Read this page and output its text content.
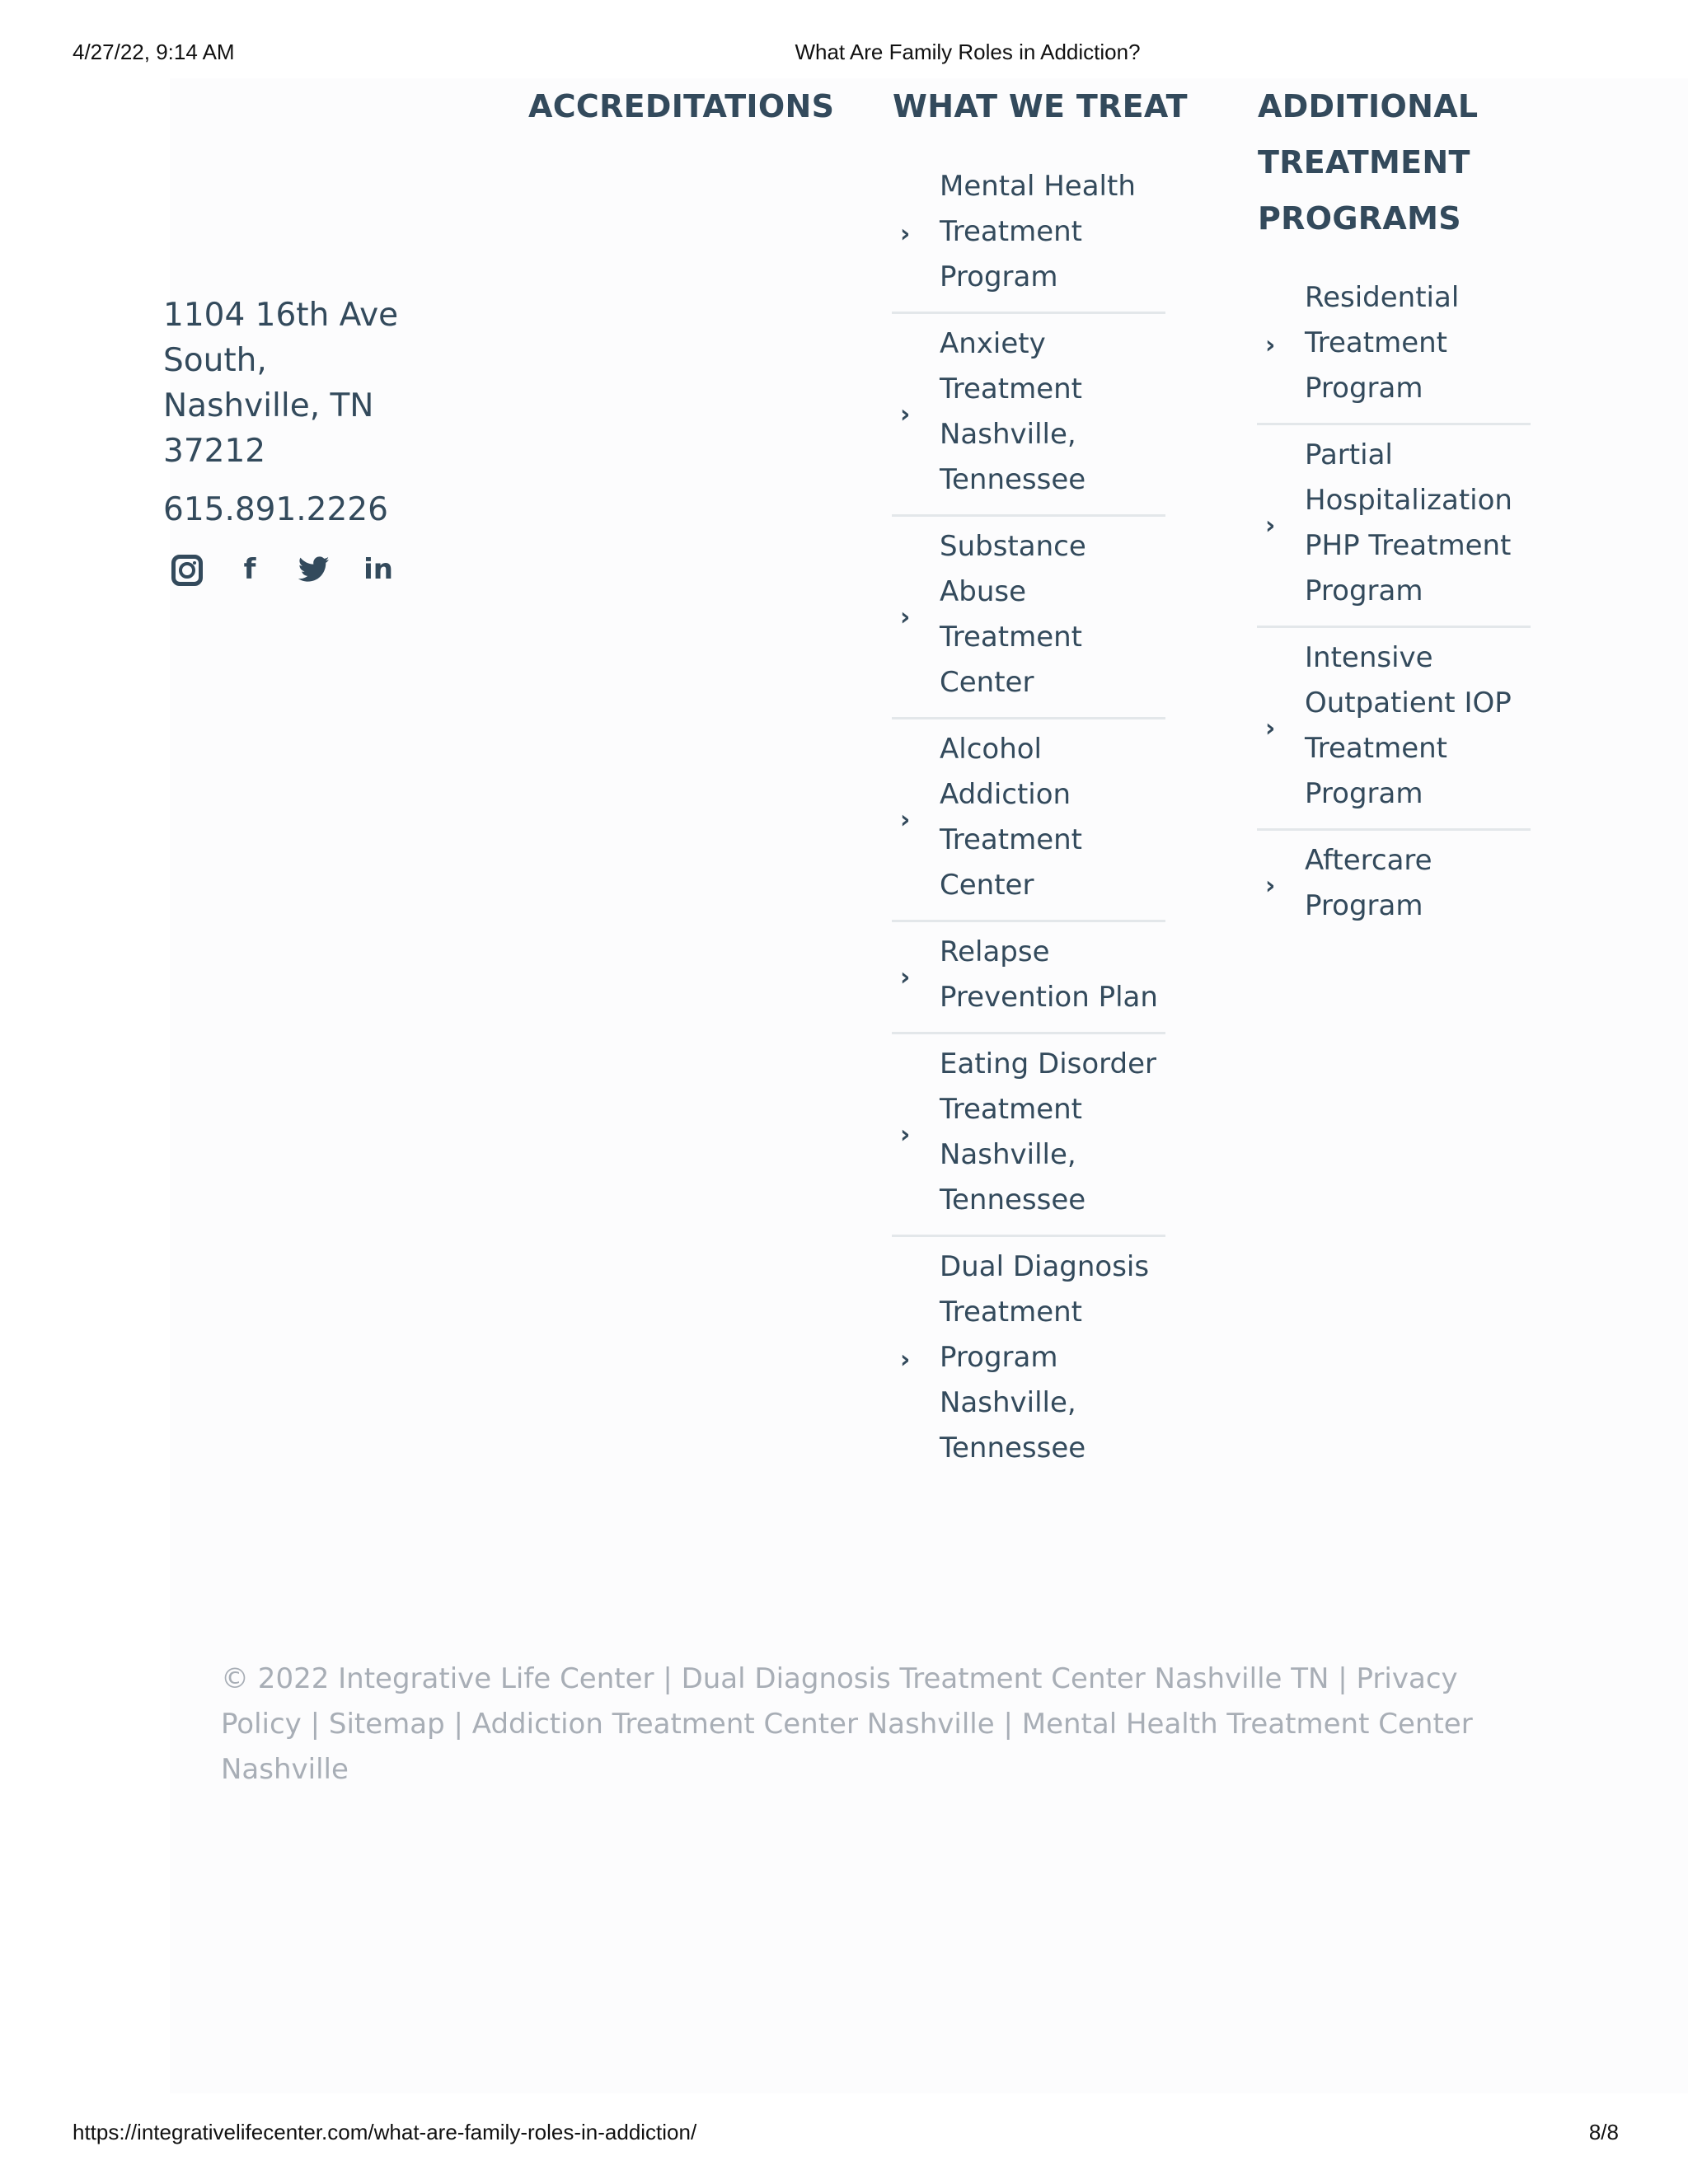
4/27/22, 9:14 AM	What Are Family Roles in Addiction?
ACCREDITATIONS WHAT WE TREAT ADDITIONAL TREATMENT PROGRAMS

1104 16th Ave South, Nashville, TN 37212

615.891.2226
f	in
›
Mental Health Treatment Program
›
Anxiety Treatment Nashville, Tennessee
›
Substance Abuse Treatment Center
›
Alcohol Addiction Treatment Center
›
Relapse Prevention Plan
›
Eating Disorder Treatment Nashville, Tennessee
›
Dual Diagnosis Treatment Program Nashville, Tennessee
›
Residential Treatment Program
›
Partial Hospitalization PHP Treatment Program
›
Intensive Outpatient IOP Treatment Program
›
Aftercare Program
© 2022 Integrative Life Center | Dual Diagnosis Treatment Center Nashville TN | Privacy Policy | Sitemap | Addiction Treatment Center Nashville | Mental Health Treatment Center Nashville
https://integrativelifecenter.com/what-are-family-roles-in-addiction/	8/8
